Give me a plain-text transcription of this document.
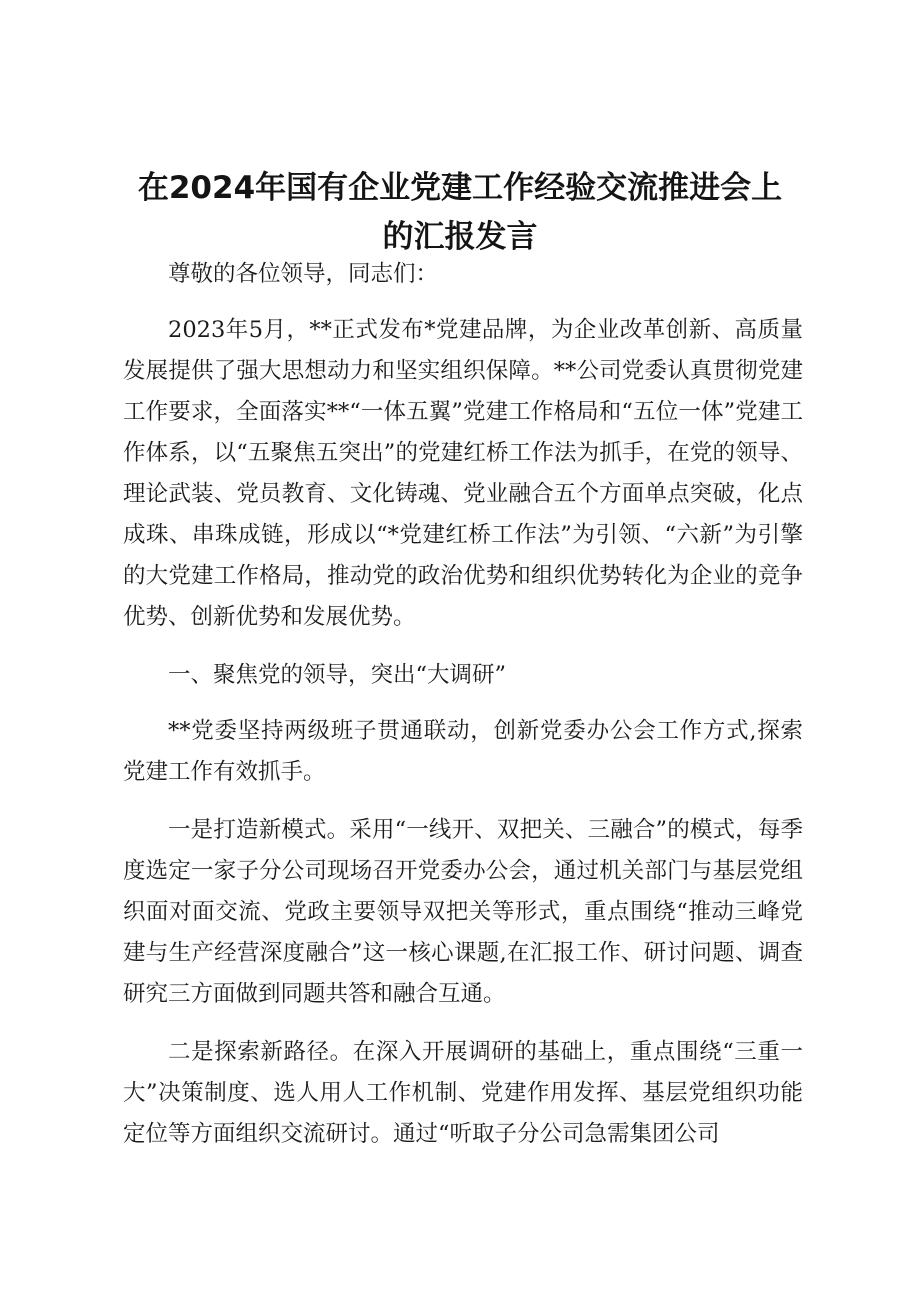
在2024年国有企业党建工作经验交流推进会上
的汇报发言

尊敬的各位领导，同志们：

2023年5月，**正式发布*党建品牌，为企业改革创新、高质量发展提供了强大思想动力和坚实组织保障。**公司党委认真贯彻党建工作要求，全面落实**“一体五翼”党建工作格局和“五位一体”党建工作体系，以“五聚焦五突出”的党建红桥工作法为抓手，在党的领导、理论武装、党员教育、文化铸魂、党业融合五个方面单点突破，化点成珠、串珠成链，形成以“*党建红桥工作法”为引领、“六新”为引擎的大党建工作格局，推动党的政治优势和组织优势转化为企业的竞争优势、创新优势和发展优势。

一、聚焦党的领导，突出“大调研”

**党委坚持两级班子贯通联动，创新党委办公会工作方式,探索党建工作有效抓手。

一是打造新模式。采用“一线开、双把关、三融合”的模式，每季度选定一家子分公司现场召开党委办公会，通过机关部门与基层党组织面对面交流、党政主要领导双把关等形式，重点围绕“推动三峰党建与生产经营深度融合”这一核心课题,在汇报工作、研讨问题、调查研究三方面做到同题共答和融合互通。

二是探索新路径。在深入开展调研的基础上，重点围绕“三重一大”决策制度、选人用人工作机制、党建作用发挥、基层党组织功能定位等方面组织交流研讨。通过“听取子分公司急需集团公司
